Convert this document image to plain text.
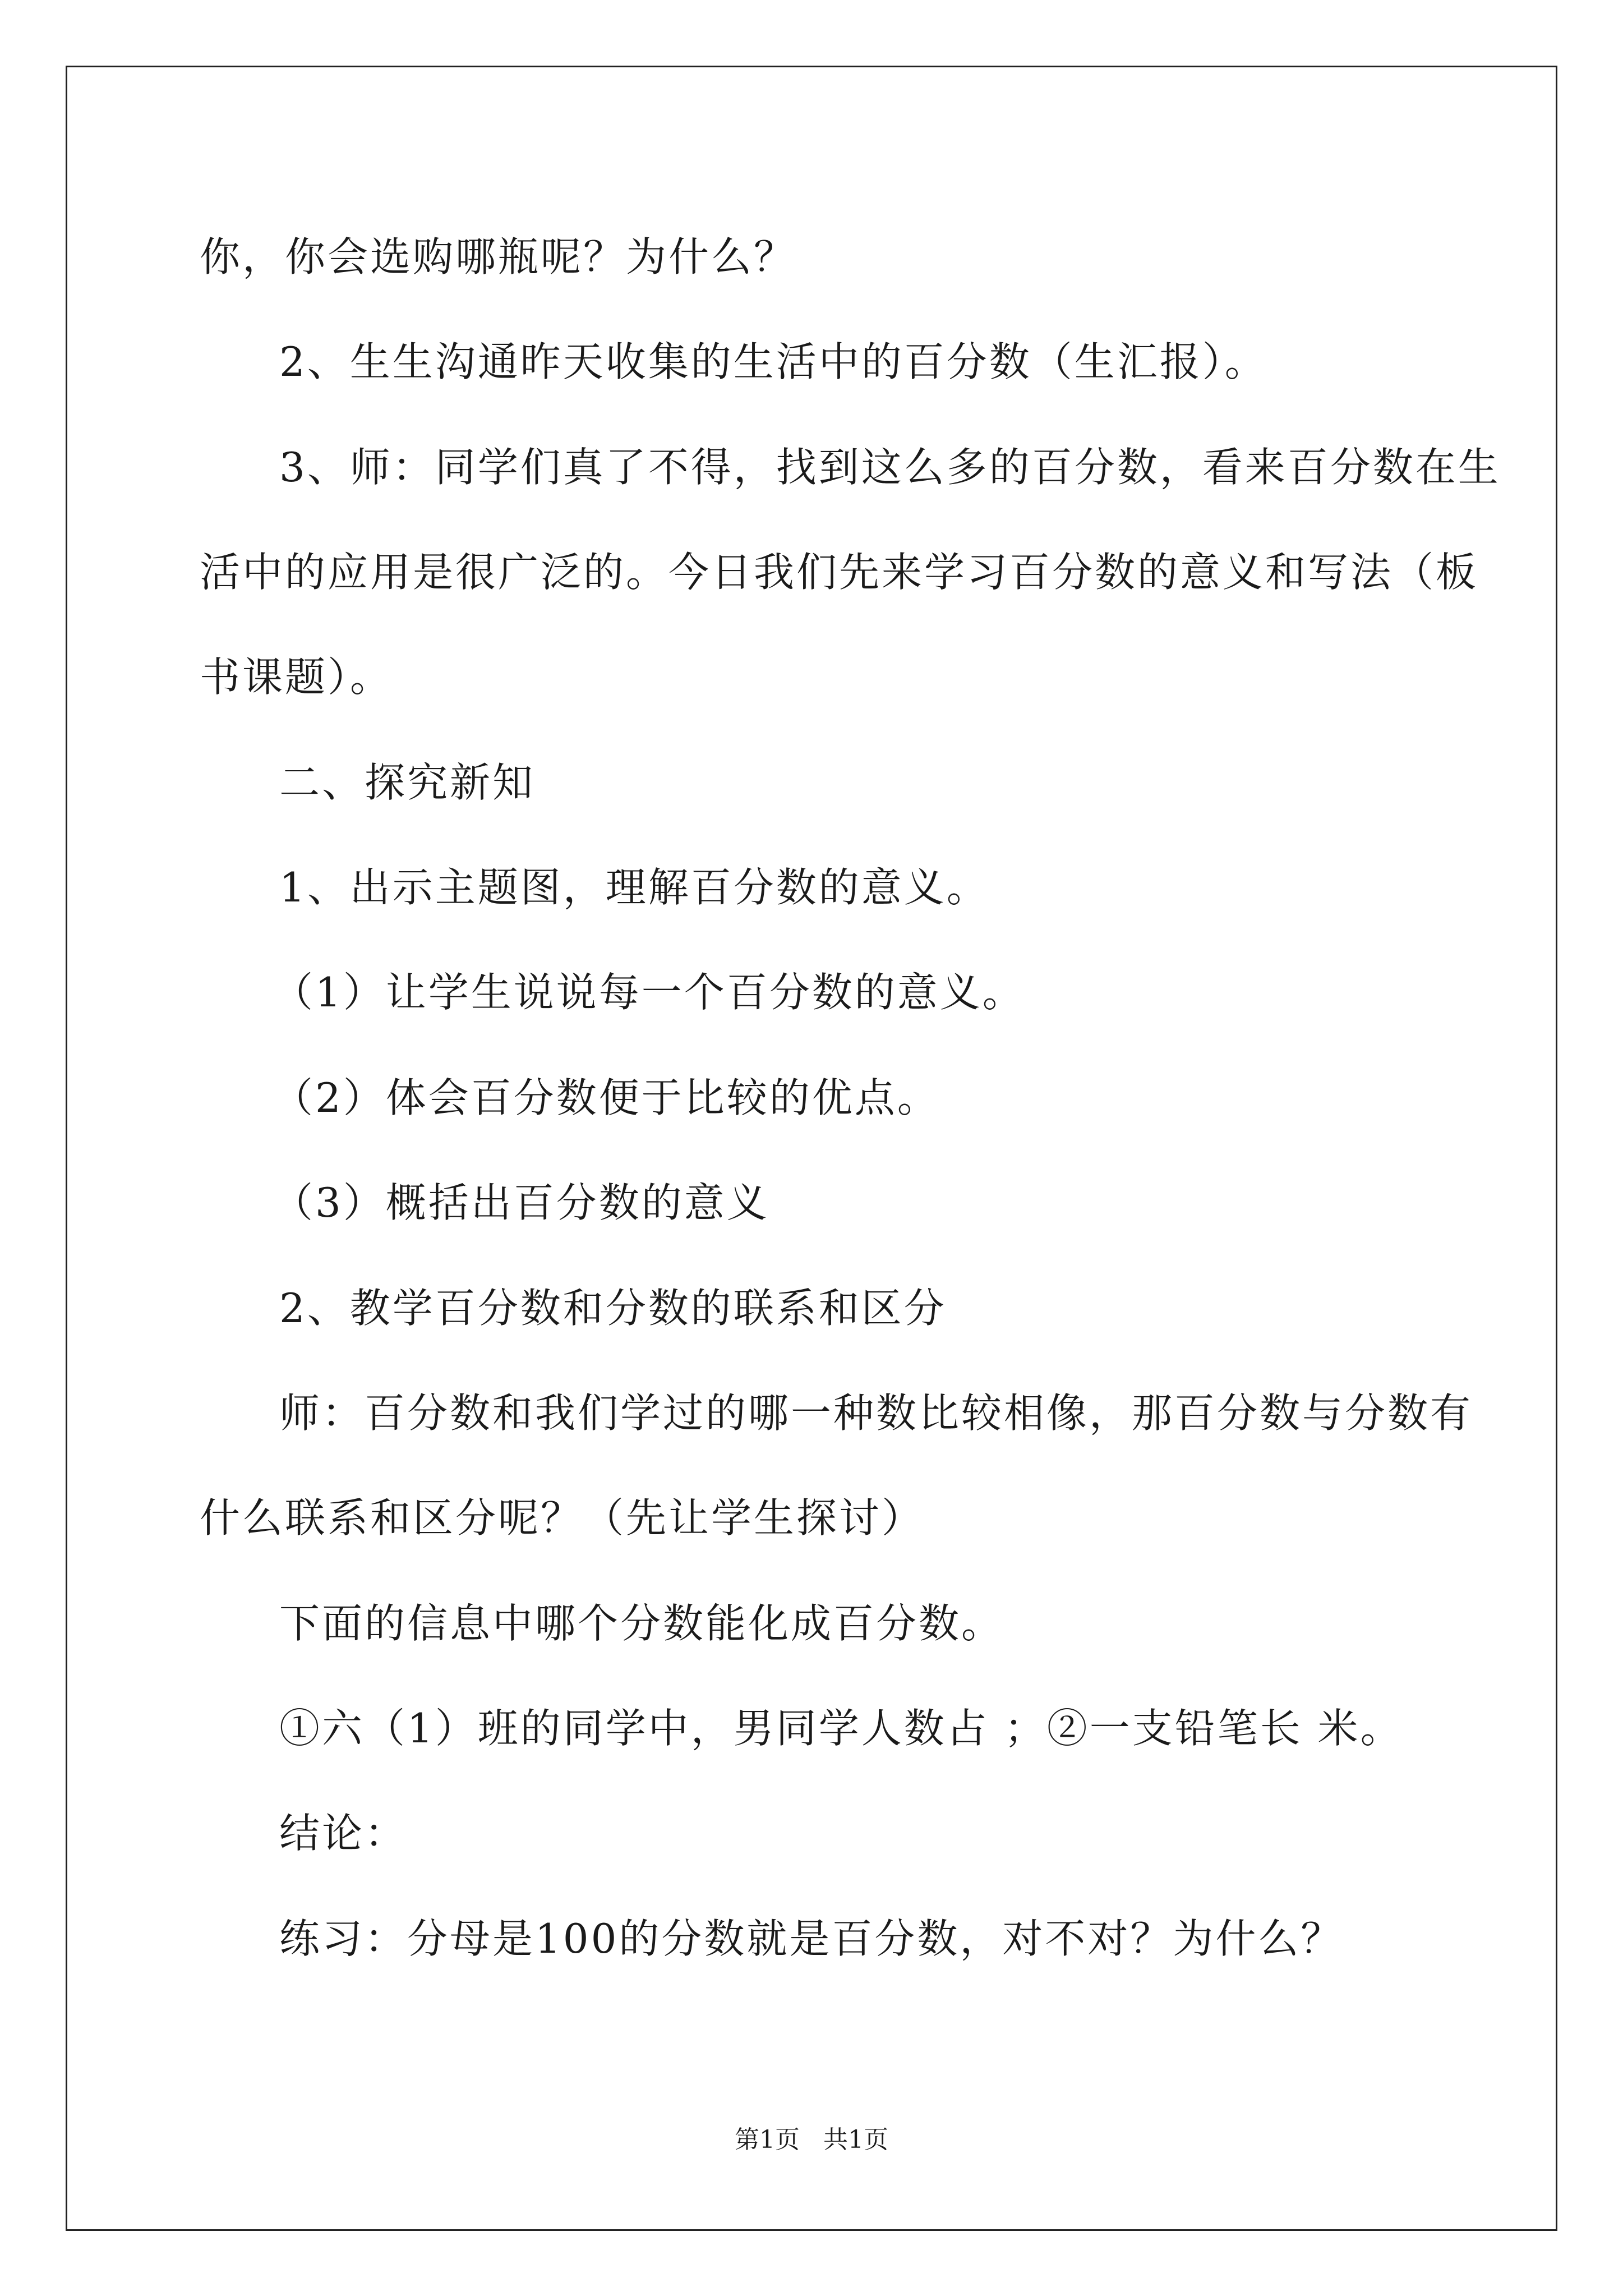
你，你会选购哪瓶呢？为什么？
2、生生沟通昨天收集的生活中的百分数（生汇报）。
3、师：同学们真了不得，找到这么多的百分数，看来百分数在生
活中的应用是很广泛的。今日我们先来学习百分数的意义和写法（板
书课题）。
二、探究新知
1、出示主题图，理解百分数的意义。
（1）让学生说说每一个百分数的意义。
（2）体会百分数便于比较的优点。
（3）概括出百分数的意义
2、教学百分数和分数的联系和区分
师：百分数和我们学过的哪一种数比较相像，那百分数与分数有
什么联系和区分呢？（先让学生探讨）
下面的信息中哪个分数能化成百分数。
①六（1）班的同学中，男同学人数占 ；②一支铅笔长 米。
结论：
练习：分母是100的分数就是百分数，对不对？为什么？
第1页   共1页
